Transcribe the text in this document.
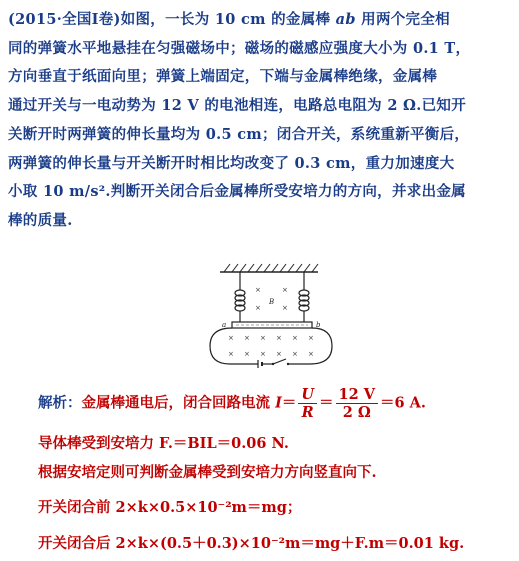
(2015·全国Ⅰ卷)如图，一长为 10 cm 的金属棒 ab 用两个完全相
同的弹簧水平地悬挂在匀强磁场中；磁场的磁感应强度大小为 0.1 T，
方向垂直于纸面向里；弹簧上端固定，下端与金属棒绝缘，金属棒
通过开关与一电动势为 12 V 的电池相连，电路总电阻为 2 Ω.已知开
关断开时两弹簧的伸长量均为 0.5 cm；闭合开关，系统重新平衡后，
两弹簧的伸长量与开关断开时相比均改变了 0.3 cm，重力加速度大
小取 10 m/s².判断开关闭合后金属棒所受安培力的方向，并求出金属
棒的质量.
×	×
×	×
× × × × × ×
× × × × × ×
B
a	b
解析：金属棒通电后，闭合回路电流 $I= \frac{U}{R} = \frac{12 V}{2 \Omega} =6$ A.
导体棒受到安培力 F.＝BIL＝0.06 N.
根据安培定则可判断金属棒受到安培力方向竖直向下.
开关闭合前 2×k×0.5×10⁻²m＝mg；
开关闭合后 2×k×(0.5＋0.3)×10⁻²m＝mg＋F.m＝0.01 kg.
